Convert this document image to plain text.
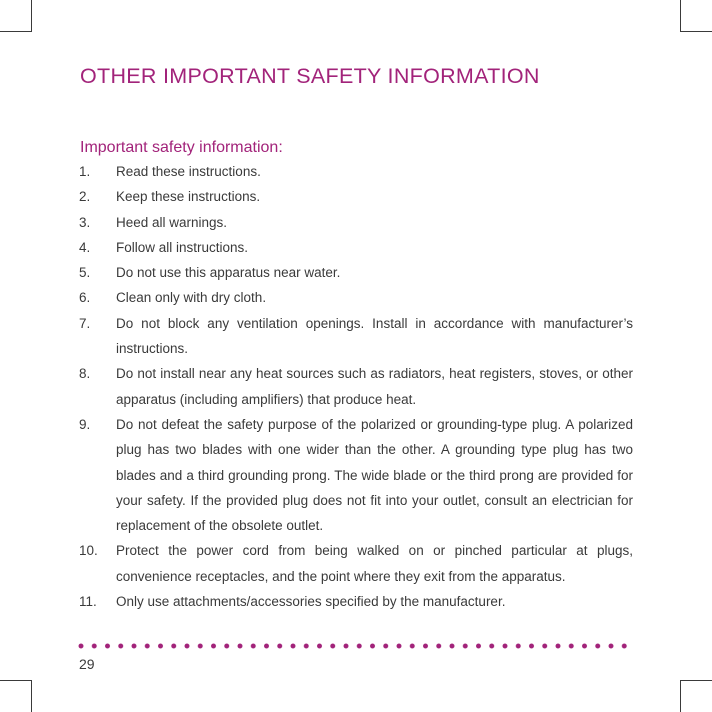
OTHER IMPORTANT SAFETY INFORMATION
Important safety information:
1.	Read these instructions.
2.	Keep these instructions.
3.	Heed all warnings.
4.	Follow all instructions.
5.	Do not use this apparatus near water.
6.	Clean only with dry cloth.
7.	Do not block any ventilation openings. Install in accordance with manufacturer’s instructions.
8.	Do not install near any heat sources such as radiators, heat registers, stoves, or other apparatus (including amplifiers) that produce heat.
9.	Do not defeat the safety purpose of the polarized or grounding-type plug. A polarized plug has two blades with one wider than the other. A grounding type plug has two blades and a third grounding prong. The wide blade or the third prong are provided for your safety. If the provided plug does not fit into your outlet, consult an electrician for replacement of the obsolete outlet.
10.	Protect the power cord from being walked on or pinched particular at plugs, convenience receptacles, and the point where they exit from the apparatus.
11.	Only use attachments/accessories specified by the manufacturer.
29
